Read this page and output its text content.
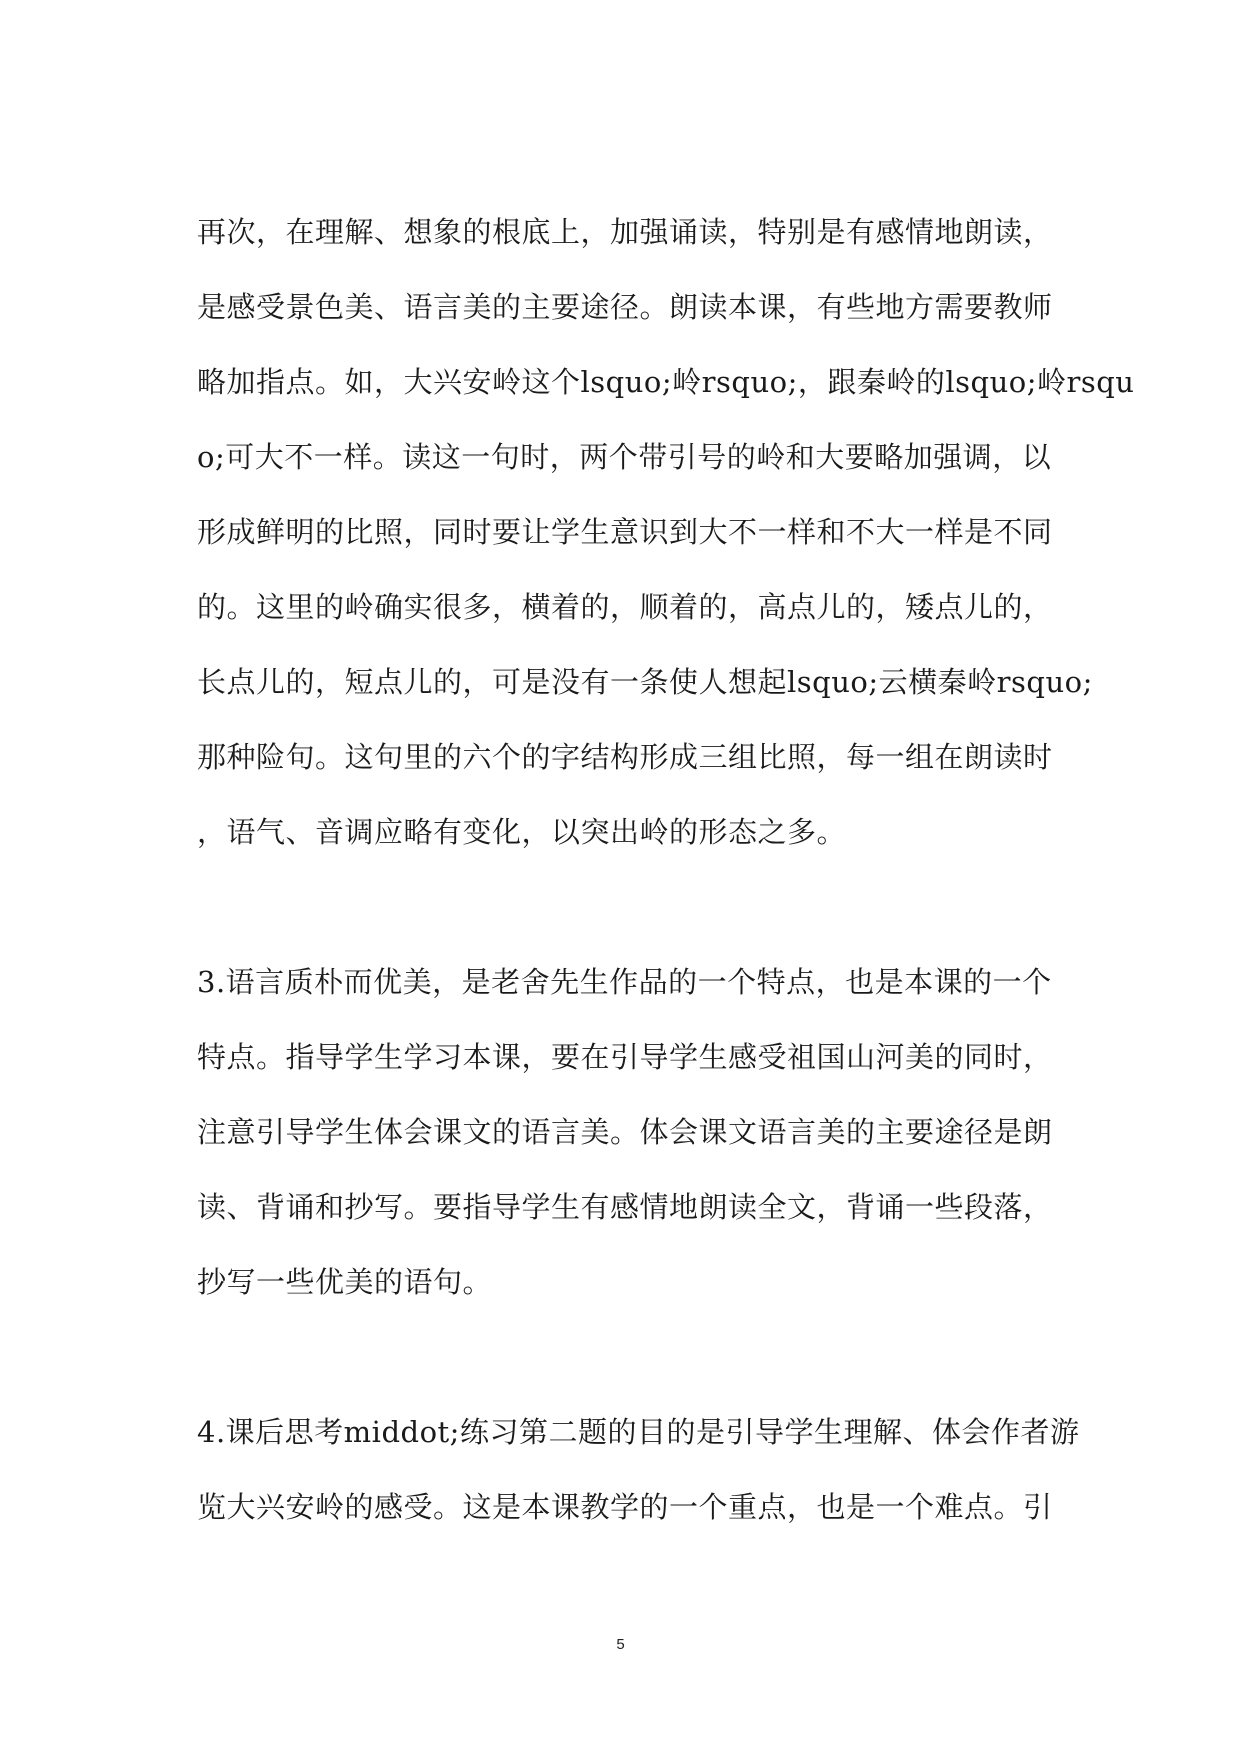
再次，在理解、想象的根底上，加强诵读，特别是有感情地朗读，
是感受景色美、语言美的主要途径。朗读本课，有些地方需要教师
略加指点。如，大兴安岭这个lsquo;岭rsquo;，跟秦岭的lsquo;岭rsqu
o;可大不一样。读这一句时，两个带引号的岭和大要略加强调，以
形成鲜明的比照，同时要让学生意识到大不一样和不大一样是不同
的。这里的岭确实很多，横着的，顺着的，高点儿的，矮点儿的，
长点儿的，短点儿的，可是没有一条使人想起lsquo;云横秦岭rsquo;
那种险句。这句里的六个的字结构形成三组比照，每一组在朗读时
，语气、音调应略有变化，以突出岭的形态之多。
3.语言质朴而优美，是老舍先生作品的一个特点，也是本课的一个
特点。指导学生学习本课，要在引导学生感受祖国山河美的同时，
注意引导学生体会课文的语言美。体会课文语言美的主要途径是朗
读、背诵和抄写。要指导学生有感情地朗读全文，背诵一些段落，
抄写一些优美的语句。
4.课后思考middot;练习第二题的目的是引导学生理解、体会作者游
览大兴安岭的感受。这是本课教学的一个重点，也是一个难点。引
5
